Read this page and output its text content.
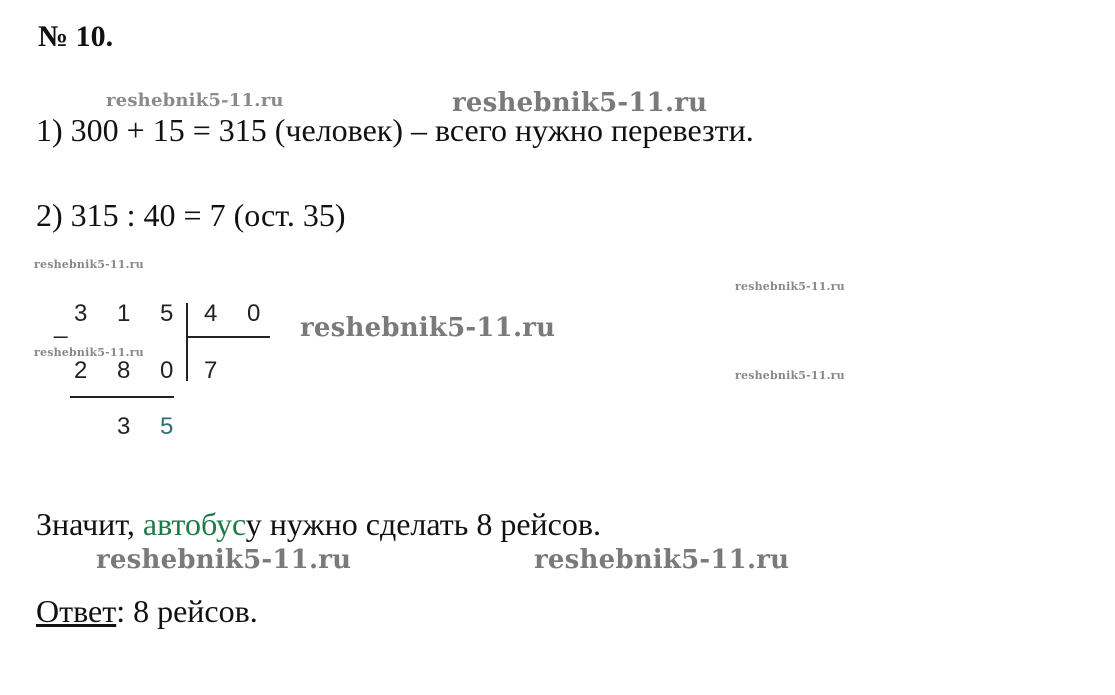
№ 10.
reshebnik5-11.ru	reshebnik5-11.ru
reshebnik5-11.ru
reshebnik5-11.ru
reshebnik5-11.ru
reshebnik5-11.ru
reshebnik5-11.ru
reshebnik5-11.ru	reshebnik5-11.ru
1) 300 + 15 = 315 (человек) – всего нужно перевезти.
2) 315 : 40 = 7 (ост. 35)
_ 3 1 5 4 0
2 8 0 7
3 5
Значит, автобусу нужно сделать 8 рейсов.
Ответ: 8 рейсов.
